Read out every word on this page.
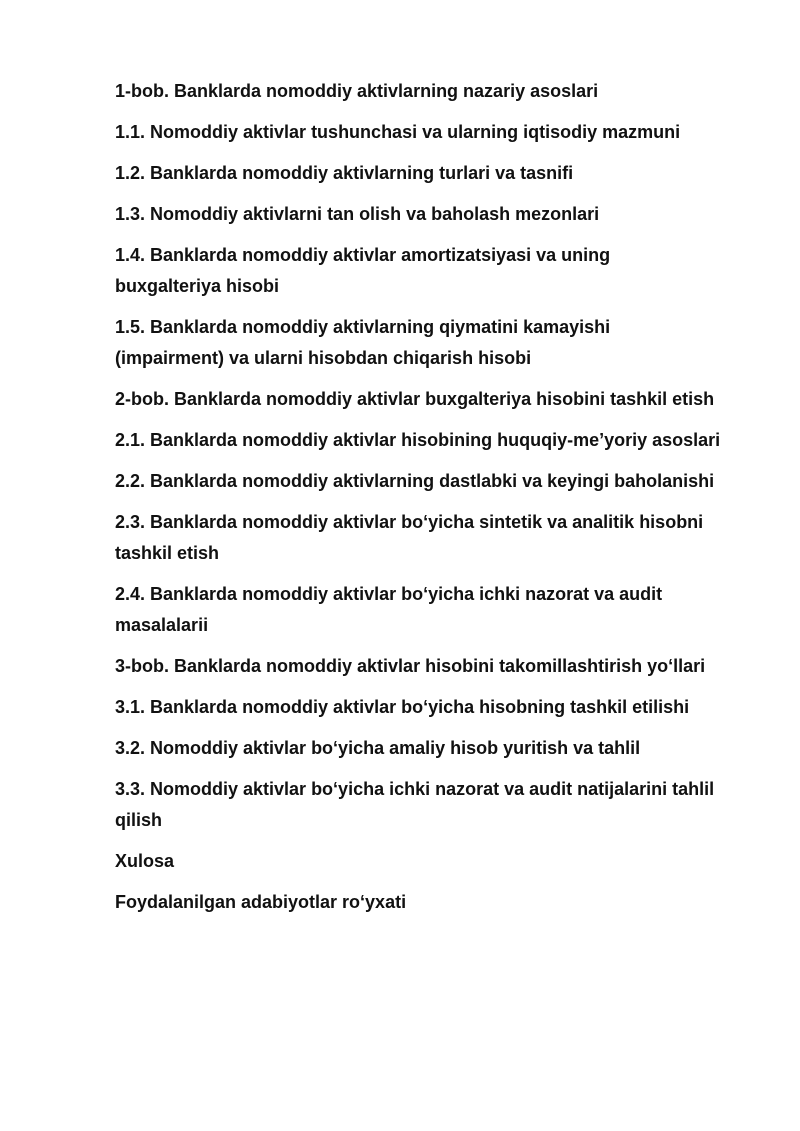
1-bob. Banklarda nomoddiy aktivlarning nazariy asoslari
1.1. Nomoddiy aktivlar tushunchasi va ularning iqtisodiy mazmuni
1.2. Banklarda nomoddiy aktivlarning turlari va tasnifi
1.3. Nomoddiy aktivlarni tan olish va baholash mezonlari
1.4. Banklarda nomoddiy aktivlar amortizatsiyasi va uning buxgalteriya hisobi
1.5. Banklarda nomoddiy aktivlarning qiymatini kamayishi (impairment) va ularni hisobdan chiqarish hisobi
2-bob. Banklarda nomoddiy aktivlar buxgalteriya hisobini tashkil etish
2.1. Banklarda nomoddiy aktivlar hisobining huquqiy-me’yoriy asoslari
2.2. Banklarda nomoddiy aktivlarning dastlabki va keyingi baholanishi
2.3. Banklarda nomoddiy aktivlar bo‘yicha sintetik va analitik hisobni tashkil etish
2.4. Banklarda nomoddiy aktivlar bo‘yicha ichki nazorat va audit masalalarii
3-bob. Banklarda nomoddiy aktivlar hisobini takomillashtirish yo‘llari
3.1. Banklarda nomoddiy aktivlar bo‘yicha hisobning tashkil etilishi
3.2. Nomoddiy aktivlar bo‘yicha amaliy hisob yuritish va tahlil
3.3. Nomoddiy aktivlar bo‘yicha ichki nazorat va audit natijalarini tahlil qilish
Xulosa
Foydalanilgan adabiyotlar ro‘yxati
